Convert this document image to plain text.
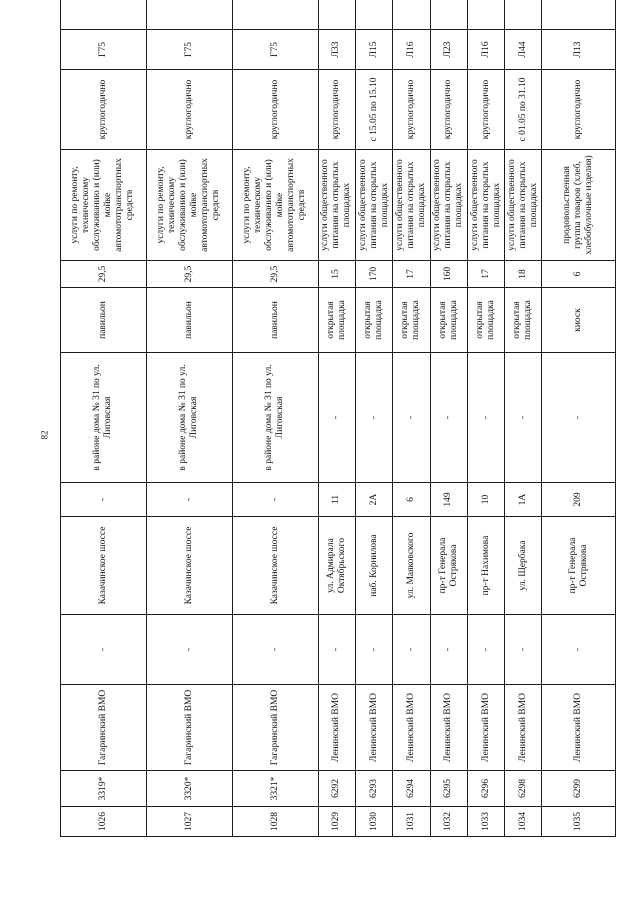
82
1026	3319*	Гагаринский ВМО	-	Казачинское шоссе	-	в районе дома № 31 по ул. Лиговская	павильон	29,5	услуги по ремонту, техническому обслуживанию и (или) мойке автомототранспортных средств	круглогодично	Г75	
1027	3320*	Гагаринский ВМО	-	Казачинское шоссе	-	в районе дома № 31 по ул. Лиговская	павильон	29,5	услуги по ремонту, техническому обслуживанию и (или) мойке автомототранспортных средств	круглогодично	Г75	
1028	3321*	Гагаринский ВМО	-	Казачинское шоссе	-	в районе дома № 31 по ул. Лиговская	павильон	29,5	услуги по ремонту, техническому обслуживанию и (или) мойке автомототранспортных средств	круглогодично	Г75	
1029	6292	Ленинский ВМО	-	ул. Адмирала Октябрьского	11	-	открытая площадка	15	услуги общественного питания на открытых площадках	круглогодично	Л33	
1030	6293	Ленинский ВМО	-	наб. Корнилова	2А	-	открытая площадка	170	услуги общественного питания на открытых площадках	с 15.05 по 15.10	Л15	
1031	6294	Ленинский ВМО	-	ул. Маяковского	6	-	открытая площадка	17	услуги общественного питания на открытых площадках	круглогодично	Л16	
1032	6295	Ленинский ВМО	-	пр-т Генерала Острякова	149	-	открытая площадка	160	услуги общественного питания на открытых площадках	круглогодично	Л23	
1033	6296	Ленинский ВМО	-	пр-т Нахимова	10	-	открытая площадка	17	услуги общественного питания на открытых площадках	круглогодично	Л16	
1034	6298	Ленинский ВМО	-	ул. Щербака	1А	-	открытая площадка	18	услуги общественного питания на открытых площадках	с 01.05 по 31.10	Л44	
1035	6299	Ленинский ВМО	-	пр-т Генерала Острякова	209	-	киоск	6	продовольственная группа товаров (хлеб, хлебобулочные изделия)	круглогодично	Л13	
